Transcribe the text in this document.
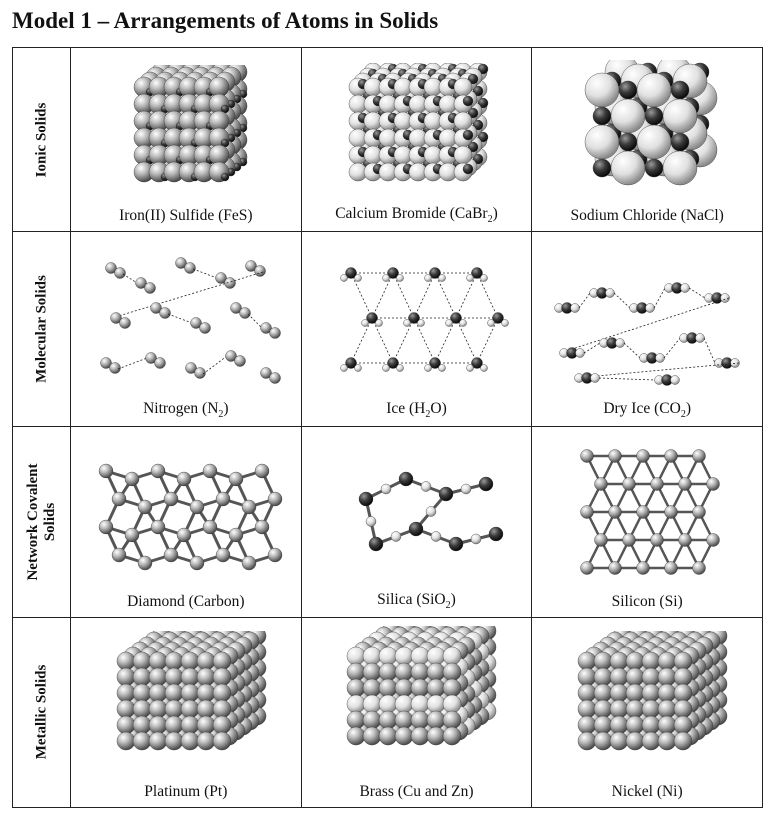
Model 1 – Arrangements of Atoms in Solids
Ionic Solids	Iron(II) Sulfide (FeS)	Calcium Bromide (CaBr$_2$)	Sodium Chloride (NaCl)

Molecular Solids	Nitrogen $(N_2)$	Ice $(H_2O)$	Dry Ice $(CO_2)$

Network Covalent Solids	Diamond (Carbon)	Silica (SiO$_2$)	Silicon (Si)

Metallic Solids	Platinum (Pt)	Brass (Cu and Zn)	Nickel (Ni)
